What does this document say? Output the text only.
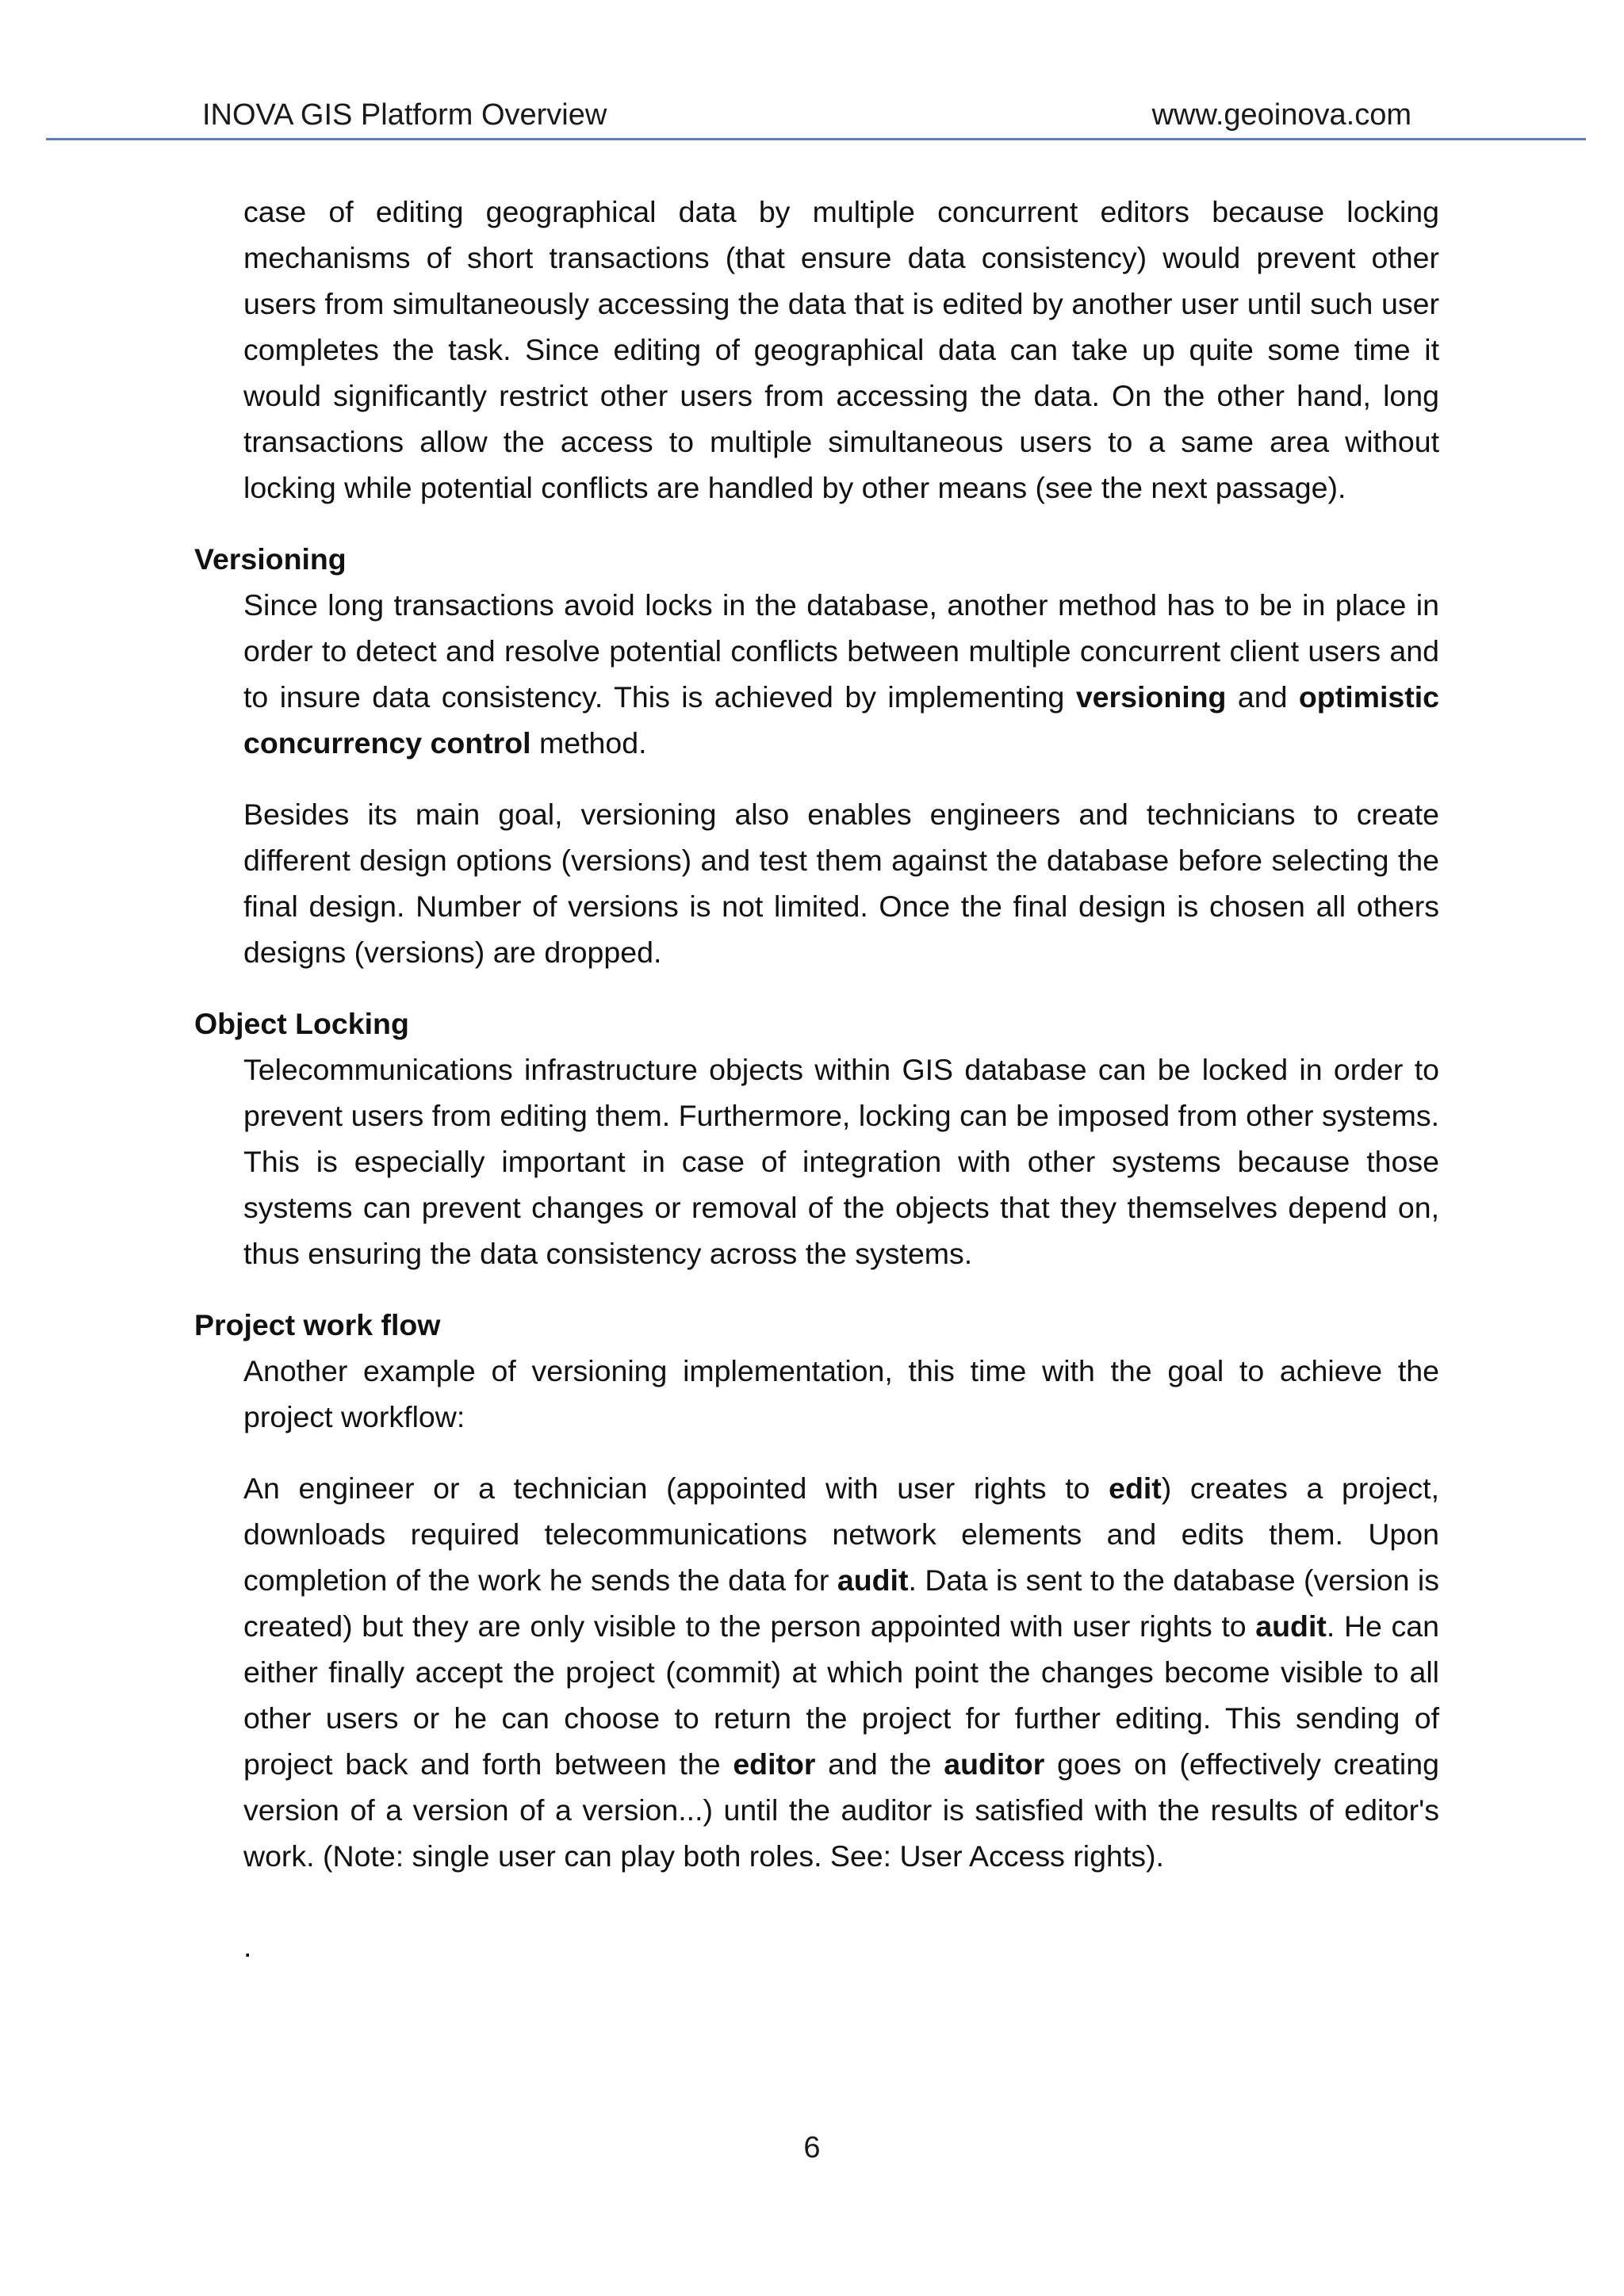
INOVA GIS Platform Overview	www.geoinova.com

case of editing geographical data by multiple concurrent editors because locking mechanisms of short transactions (that ensure data consistency) would prevent other users from simultaneously accessing the data that is edited by another user until such user completes the task. Since editing of geographical data can take up quite some time it would significantly restrict other users from accessing the data. On the other hand, long transactions allow the access to multiple simultaneous users to a same area without locking while potential conflicts are handled by other means (see the next passage).

Versioning

Since long transactions avoid locks in the database, another method has to be in place in order to detect and resolve potential conflicts between multiple concurrent client users and to insure data consistency. This is achieved by implementing versioning and optimistic concurrency control method.

Besides its main goal, versioning also enables engineers and technicians to create different design options (versions) and test them against the database before selecting the final design. Number of versions is not limited. Once the final design is chosen all others designs (versions) are dropped.

Object Locking

Telecommunications infrastructure objects within GIS database can be locked in order to prevent users from editing them. Furthermore, locking can be imposed from other systems. This is especially important in case of integration with other systems because those systems can prevent changes or removal of the objects that they themselves depend on, thus ensuring the data consistency across the systems.

Project work flow

Another example of versioning implementation, this time with the goal to achieve the project workflow:

An engineer or a technician (appointed with user rights to edit) creates a project, downloads required telecommunications network elements and edits them. Upon completion of the work he sends the data for audit. Data is sent to the database (version is created) but they are only visible to the person appointed with user rights to audit. He can either finally accept the project (commit) at which point the changes become visible to all other users or he can choose to return the project for further editing. This sending of project back and forth between the editor and the auditor goes on (effectively creating version of a version of a version...) until the auditor is satisfied with the results of editor's work. (Note: single user can play both roles. See: User Access rights).

.
6
